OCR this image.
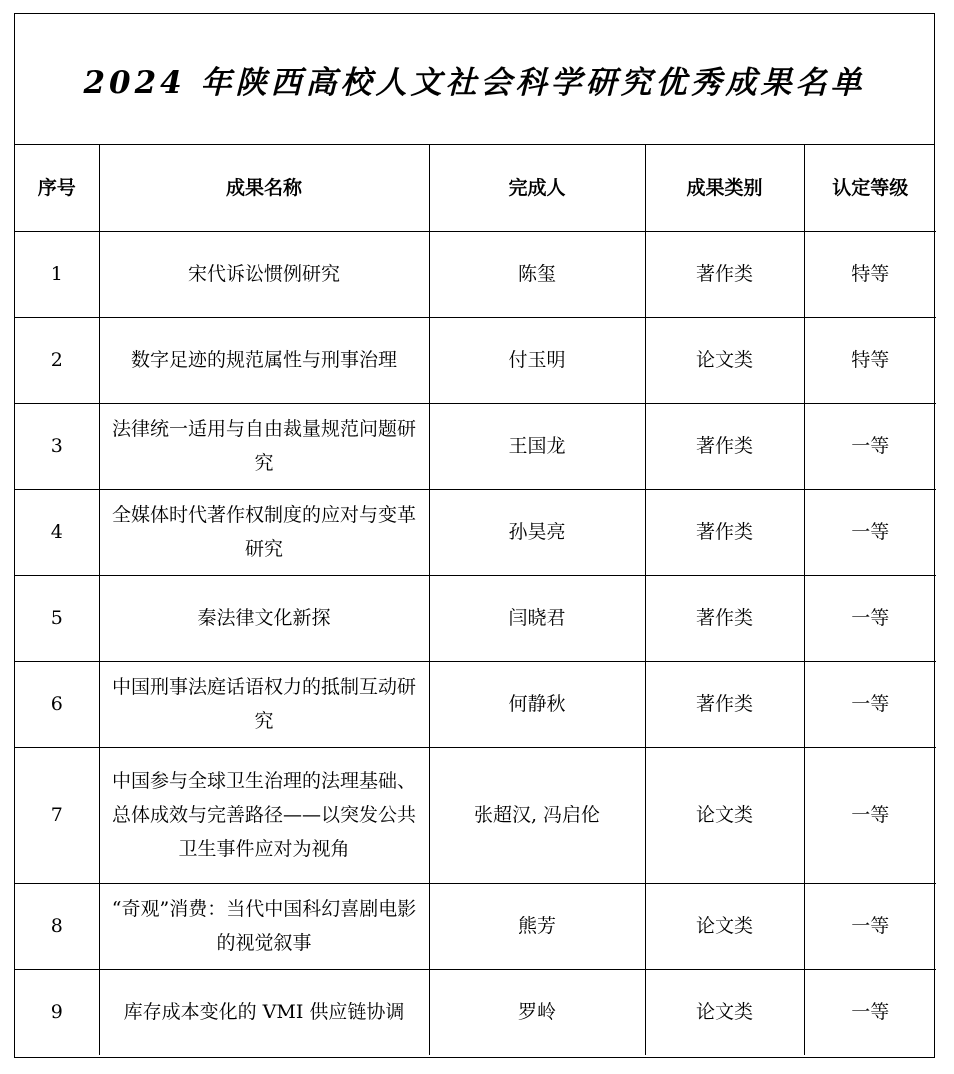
2024 年陕西高校人文社会科学研究优秀成果名单
序号	成果名称	完成人	成果类别	认定等级
1	宋代诉讼惯例研究	陈玺	著作类	特等
2	数字足迹的规范属性与刑事治理	付玉明	论文类	特等
3	法律统一适用与自由裁量规范问题研究	王国龙	著作类	一等
4	全媒体时代著作权制度的应对与变革研究	孙昊亮	著作类	一等
5	秦法律文化新探	闫晓君	著作类	一等
6	中国刑事法庭话语权力的抵制互动研究	何静秋	著作类	一等
7	中国参与全球卫生治理的法理基础、总体成效与完善路径——以突发公共卫生事件应对为视角	张超汉, 冯启伦	论文类	一等
8	“奇观”消费：当代中国科幻喜剧电影的视觉叙事	熊芳	论文类	一等
9	库存成本变化的 VMI 供应链协调	罗岭	论文类	一等
